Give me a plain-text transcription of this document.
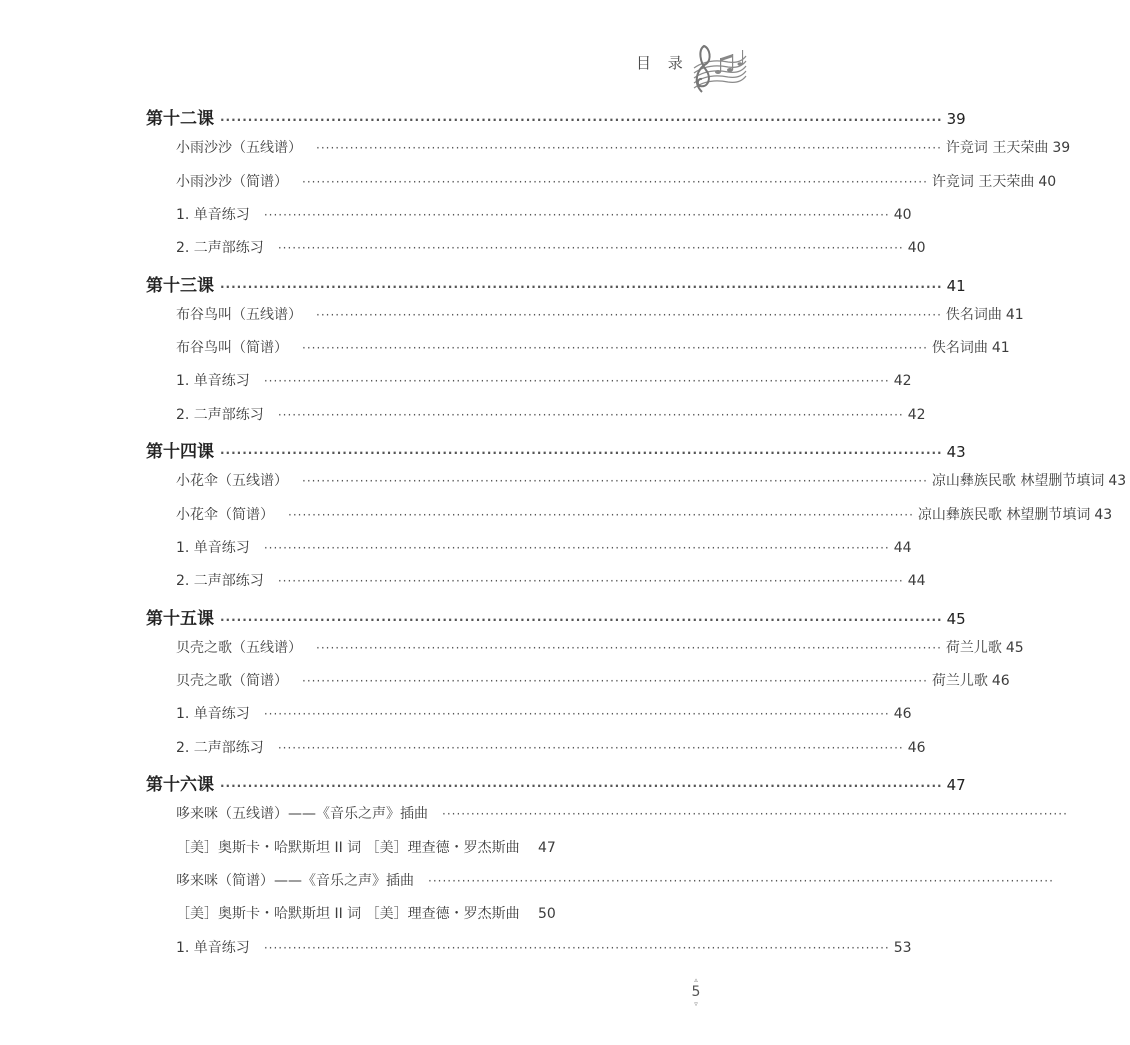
目 录
第十二课 ·································································································································· 39
小雨沙沙（五线谱） ·································································································································· 许竞词 王天荣曲 39
小雨沙沙（简谱） ·································································································································· 许竞词 王天荣曲 40
1. 单音练习 ·································································································································· 40
2. 二声部练习 ·································································································································· 40
第十三课 ·································································································································· 41
布谷鸟叫（五线谱） ·································································································································· 佚名词曲 41
布谷鸟叫（简谱） ·································································································································· 佚名词曲 41
1. 单音练习 ·································································································································· 42
2. 二声部练习 ·································································································································· 42
第十四课 ·································································································································· 43
小花伞（五线谱） ·································································································································· 凉山彝族民歌 林望删节填词 43
小花伞（简谱） ·································································································································· 凉山彝族民歌 林望删节填词 43
1. 单音练习 ·································································································································· 44
2. 二声部练习 ·································································································································· 44
第十五课 ·································································································································· 45
贝壳之歌（五线谱） ·································································································································· 荷兰儿歌 45
贝壳之歌（简谱） ·································································································································· 荷兰儿歌 46
1. 单音练习 ·································································································································· 46
2. 二声部练习 ·································································································································· 46
第十六课 ·································································································································· 47
哆来咪（五线谱）——《音乐之声》插曲 ··································································································································
［美］奥斯卡・哈默斯坦 II 词 ［美］理查德・罗杰斯曲 47
哆来咪（简谱）——《音乐之声》插曲 ··································································································································
［美］奥斯卡・哈默斯坦 II 词 ［美］理查德・罗杰斯曲 50
1. 单音练习 ·································································································································· 53
▵
5
▿
